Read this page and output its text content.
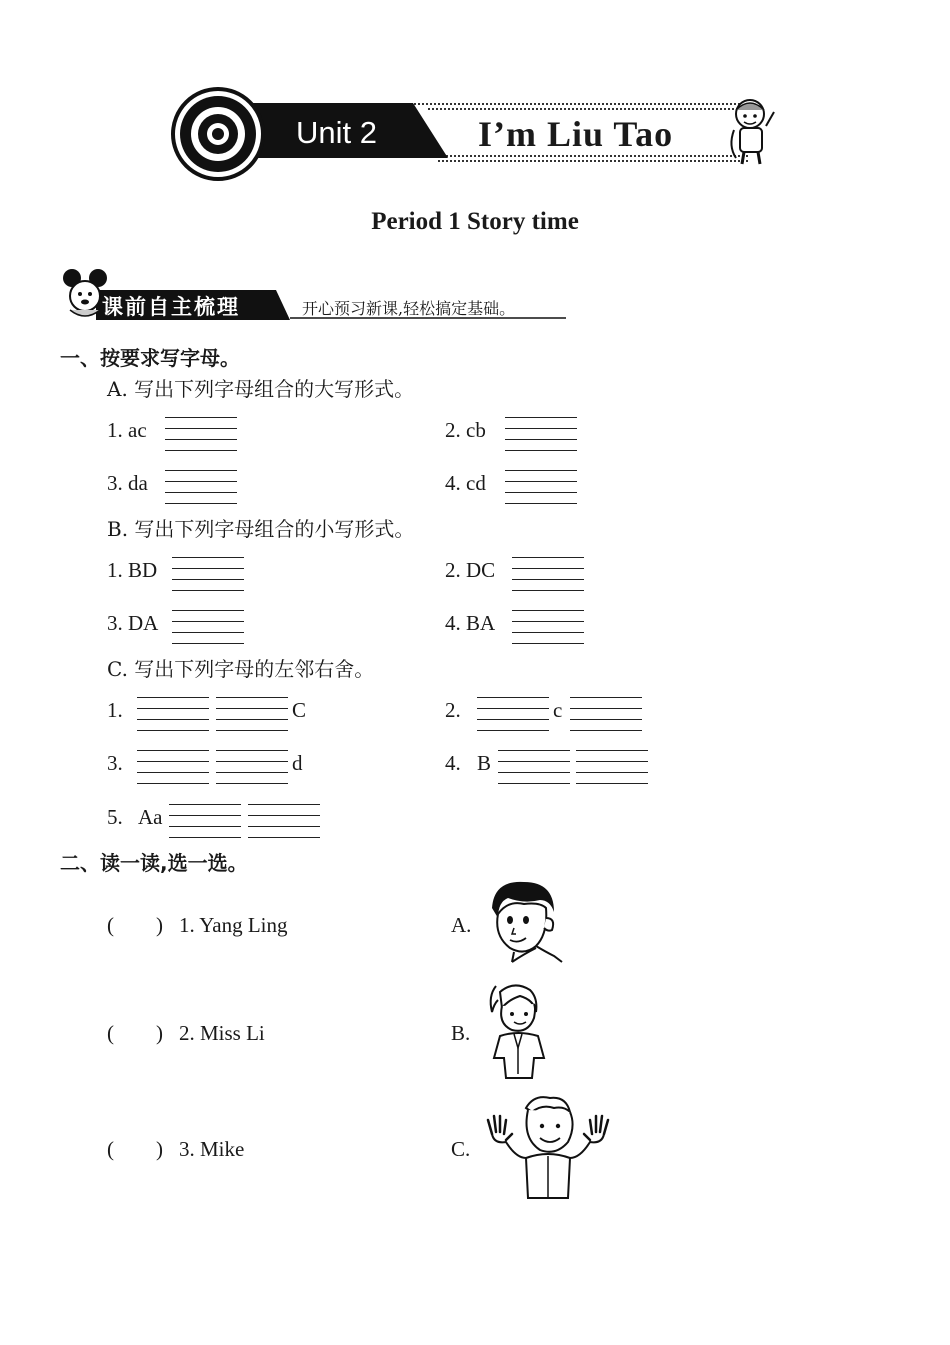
Unit 2	I’m Liu Tao
Period 1 Story time
课前自主梳理	开心预习新课,轻松搞定基础。
一、按要求写字母。
A. 写出下列字母组合的大写形式。
1. ac	2. cb
3. da	4. cd
B. 写出下列字母组合的小写形式。
1. BD	2. DC
3. DA	4. BA
C. 写出下列字母的左邻右舍。
1.	C	2.	c
3.	d	4. B
5. Aa
二、读一读,选一选。
(        ) 1. Yang Ling	A.
(        ) 2. Miss Li	B.
(        ) 3. Mike	C.
